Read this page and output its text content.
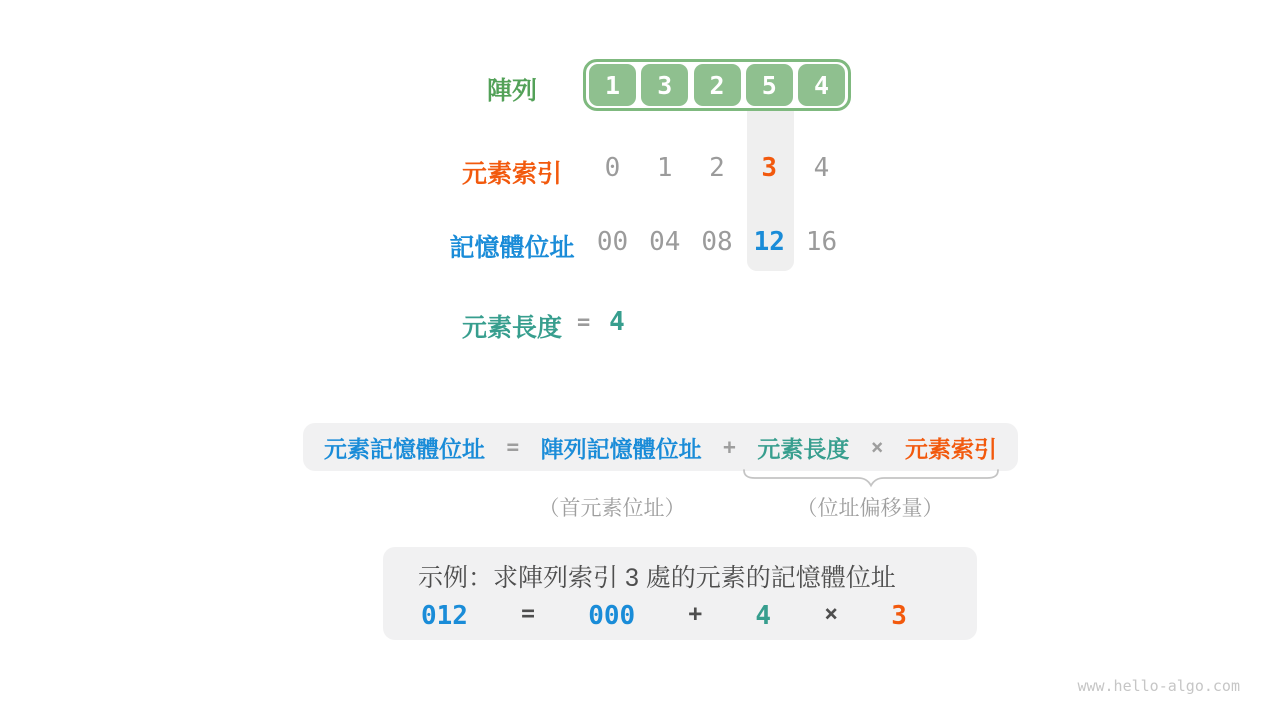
陣列	1	3	2	5	4
元素索引	0	1	2	3	4
記憶體位址 00 04 08 12 16
元素長度 = 4
元素記憶體位址 = 陣列記憶體位址 + 元素長度 × 元素索引
（首元素位址）	（位址偏移量）
示例：求陣列索引 3 處的元素的記憶體位址
012 = 000 + 4 × 3
www.hello-algo.com
